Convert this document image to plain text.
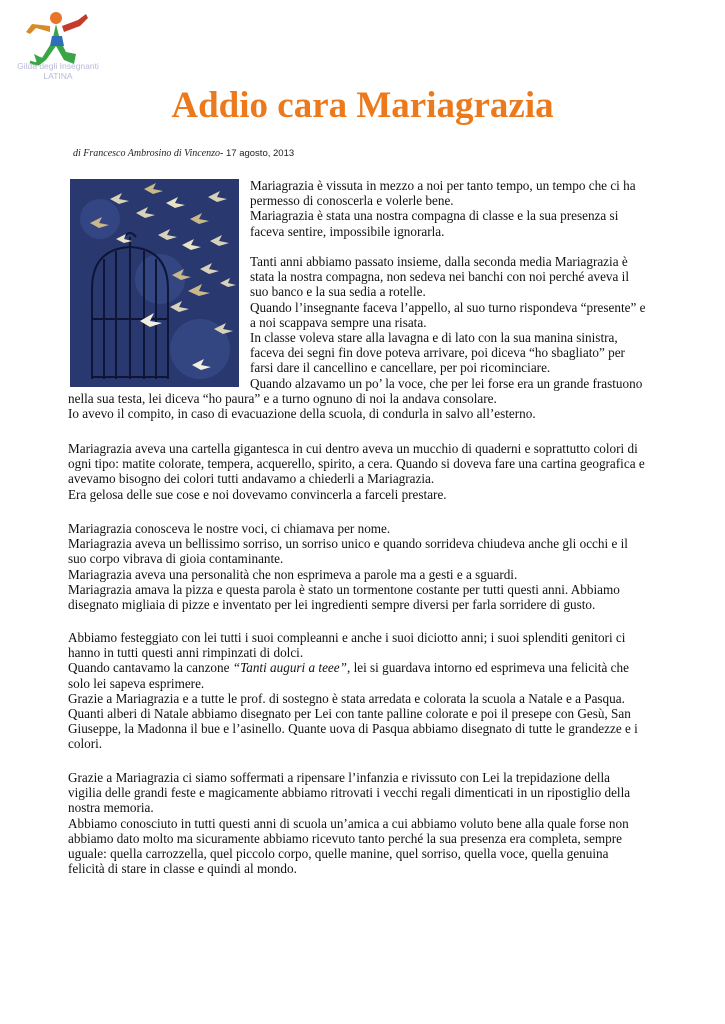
Gilda degli Insegnanti
LATINA
Addio cara Mariagrazia
di Francesco Ambrosino di Vincenzo- 17 agosto, 2013
Mariagrazia è vissuta in mezzo a noi per tanto tempo, un tempo che ci ha
permesso di conoscerla e volerle bene.
Mariagrazia è stata una nostra compagna di classe e la sua presenza si
faceva sentire, impossibile ignorarla.
Tanti anni abbiamo passato insieme, dalla seconda media Mariagrazia è
stata la nostra compagna, non sedeva nei banchi con noi perché aveva il
suo banco e la sua sedia a rotelle.
Quando l’insegnante faceva l’appello, al suo turno rispondeva “presente” e
a noi scappava sempre una risata.
In classe voleva stare alla lavagna e di lato con la sua manina sinistra,
faceva dei segni fin dove poteva arrivare, poi diceva “ho sbagliato” per
farsi dare il cancellino e cancellare, per poi ricominciare.
Quando alzavamo un po’ la voce, che per lei forse era un grande frastuono
nella sua testa, lei diceva “ho paura” e a turno ognuno di noi la andava consolare.
Io avevo il compito, in caso di evacuazione della scuola, di condurla in salvo all’esterno.
Mariagrazia aveva una cartella gigantesca in cui dentro aveva un mucchio di quaderni e soprattutto colori di
ogni tipo: matite colorate, tempera, acquerello, spirito, a cera. Quando si doveva fare una cartina geografica e
avevamo bisogno dei colori tutti andavamo a chiederli a Mariagrazia.
Era gelosa delle sue cose e noi dovevamo convincerla a farceli prestare.
Mariagrazia conosceva le nostre voci, ci chiamava per nome.
Mariagrazia aveva un bellissimo sorriso, un sorriso unico e quando sorrideva chiudeva anche gli occhi e il
suo corpo vibrava di gioia contaminante.
Mariagrazia aveva una personalità che non esprimeva a parole ma a gesti e a sguardi.
Mariagrazia amava la pizza e questa parola è stato un tormentone costante per tutti questi anni. Abbiamo
disegnato migliaia di pizze e inventato per lei ingredienti sempre diversi per farla sorridere di gusto.
Abbiamo festeggiato con lei tutti i suoi compleanni e anche i suoi diciotto anni; i suoi splenditi genitori ci
hanno in tutti questi anni rimpinzati di dolci.
Quando cantavamo la canzone “Tanti auguri a teee”, lei si guardava intorno ed esprimeva una felicità che
solo lei sapeva esprimere.
Grazie a Mariagrazia e a tutte le prof. di sostegno è stata arredata e colorata la scuola a Natale e a Pasqua.
Quanti alberi di Natale abbiamo disegnato per Lei con tante palline colorate e poi il presepe con Gesù, San
Giuseppe, la Madonna il bue e l’asinello. Quante uova di Pasqua abbiamo disegnato di tutte le grandezze e i
colori.
Grazie a Mariagrazia ci siamo soffermati a ripensare l’infanzia e rivissuto con Lei la trepidazione della
vigilia delle grandi feste e magicamente abbiamo ritrovati i vecchi regali dimenticati in un ripostiglio della
nostra memoria.
Abbiamo conosciuto in tutti questi anni di scuola un’amica a cui abbiamo voluto bene alla quale forse non
abbiamo dato molto ma sicuramente abbiamo ricevuto tanto perché la sua presenza era completa, sempre
uguale: quella carrozzella, quel piccolo corpo, quelle manine, quel sorriso, quella voce, quella genuina
felicità di stare in classe e quindi al mondo.
